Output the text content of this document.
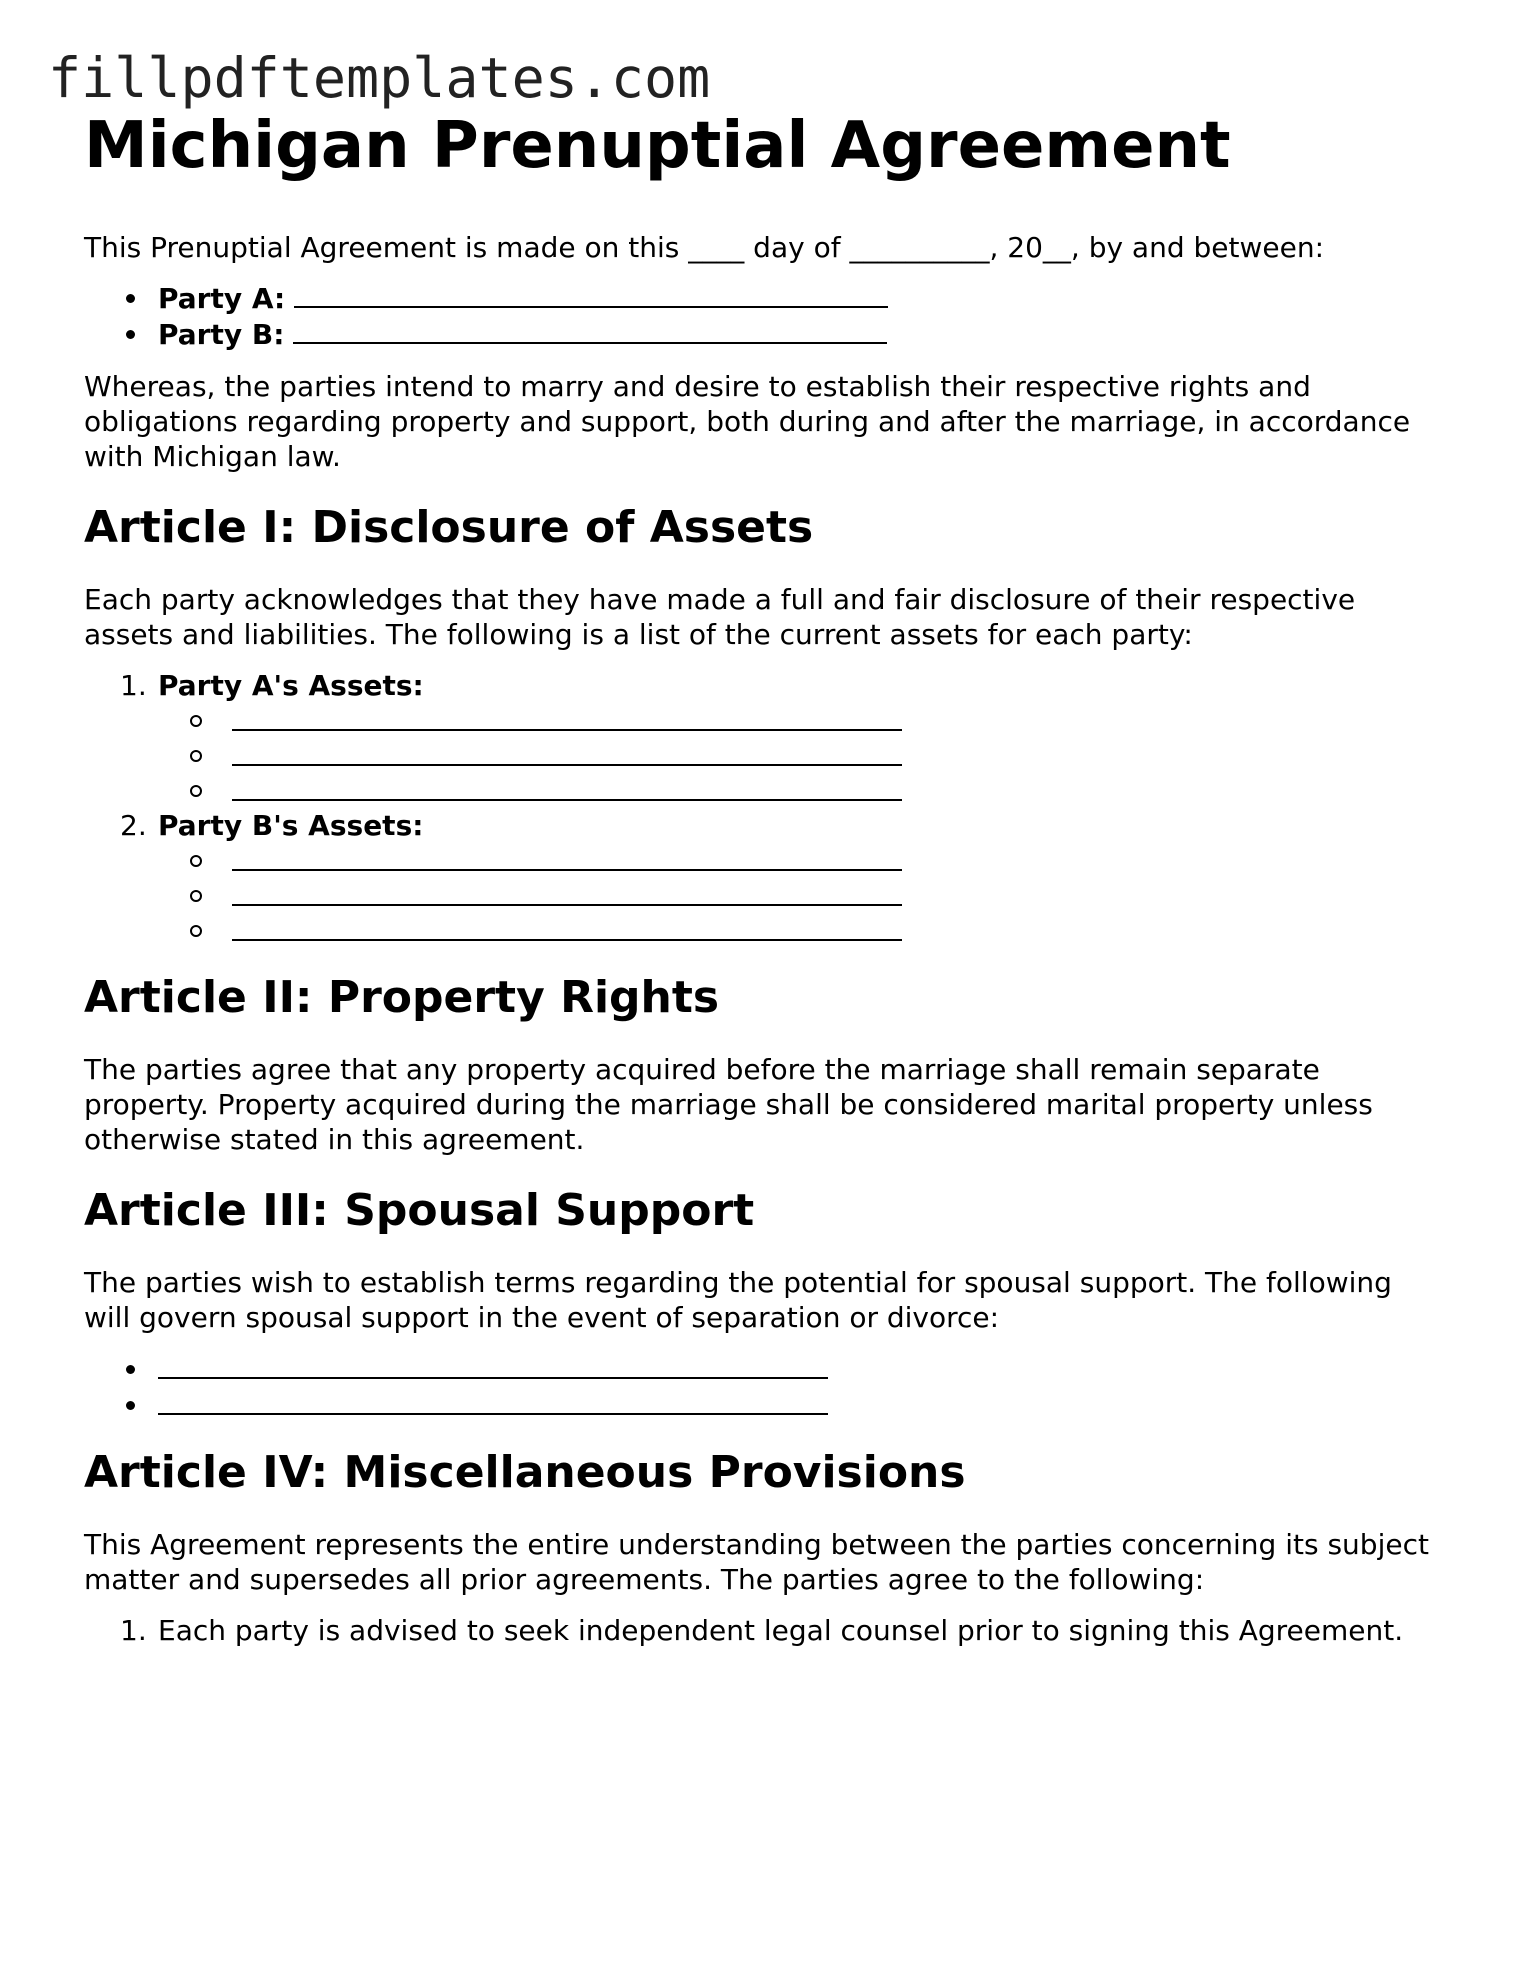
fillpdftemplates.com
Michigan Prenuptial Agreement

This Prenuptial Agreement is made on this ____ day of __________, 20__, by and between:

Party A:
Party B:

Whereas, the parties intend to marry and desire to establish their respective rights and obligations regarding property and support, both during and after the marriage, in accordance with Michigan law.

Article I: Disclosure of Assets

Each party acknowledges that they have made a full and fair disclosure of their respective assets and liabilities. The following is a list of the current assets for each party:

1. Party A's Assets:
2. Party B's Assets:
Article II: Property Rights

The parties agree that any property acquired before the marriage shall remain separate property. Property acquired during the marriage shall be considered marital property unless otherwise stated in this agreement.

Article III: Spousal Support

The parties wish to establish terms regarding the potential for spousal support. The following will govern spousal support in the event of separation or divorce:

Article IV: Miscellaneous Provisions

This Agreement represents the entire understanding between the parties concerning its subject matter and supersedes all prior agreements. The parties agree to the following:

1. Each party is advised to seek independent legal counsel prior to signing this Agreement.
